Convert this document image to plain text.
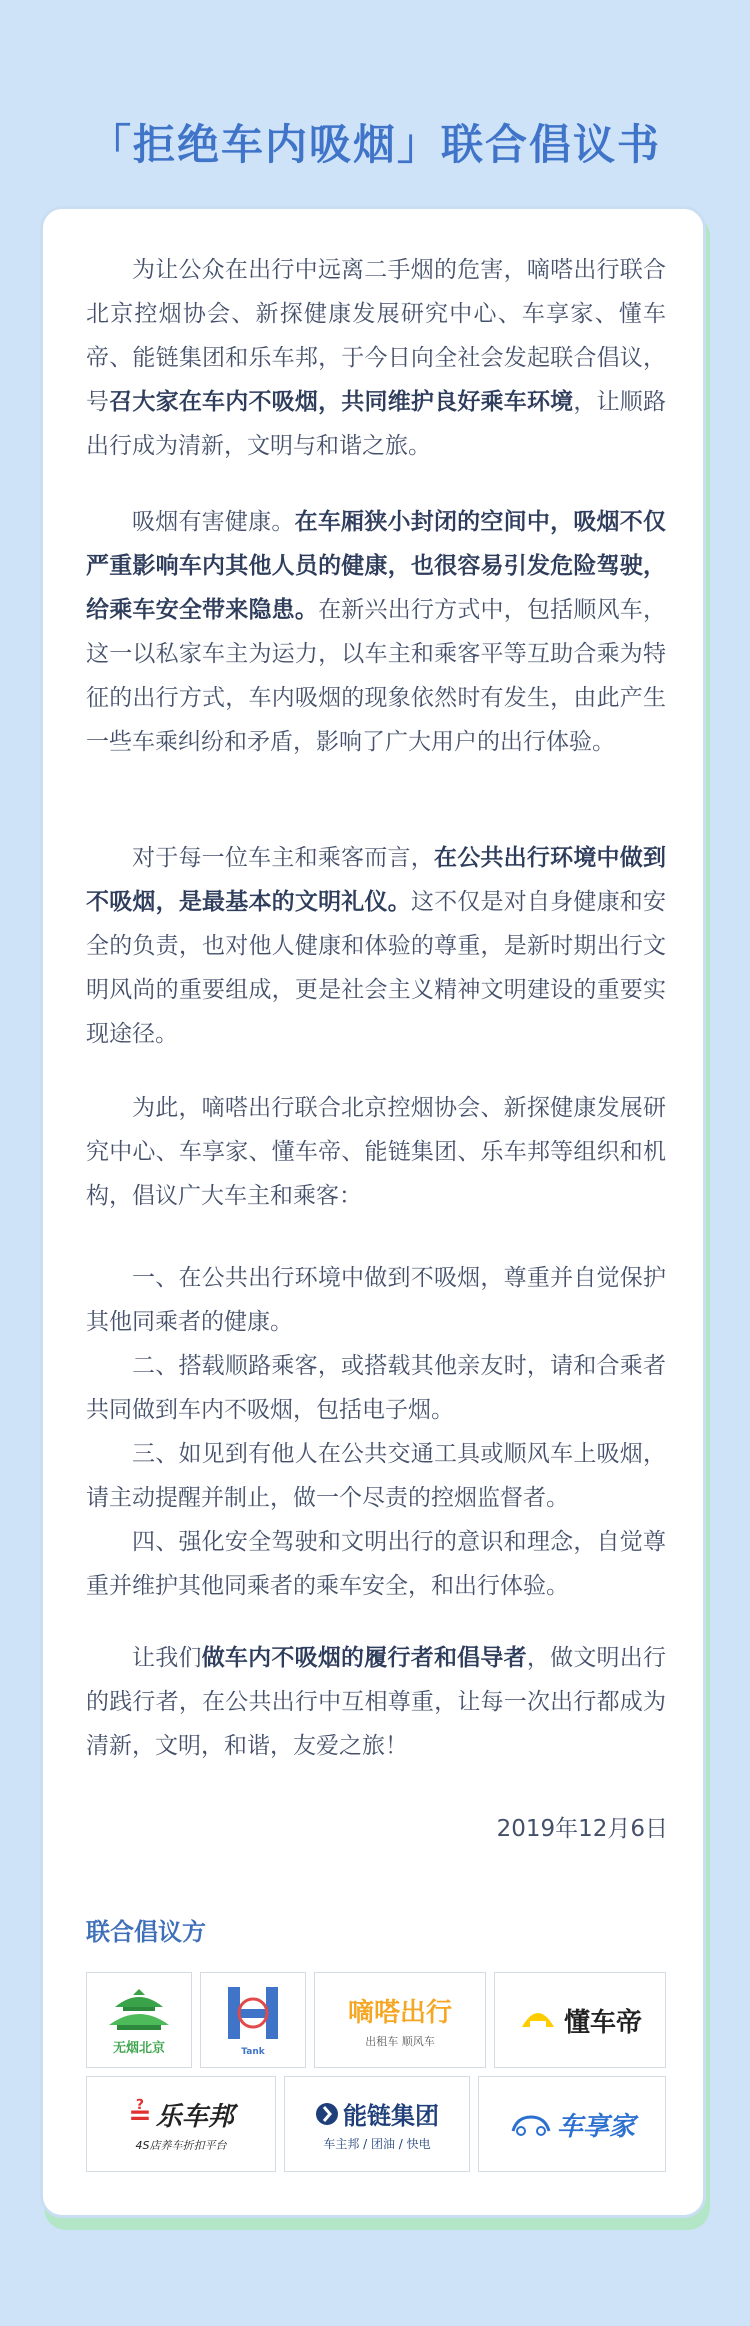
「拒绝车内吸烟」联合倡议书

为让公众在出行中远离二手烟的危害，嘀嗒出行联合北京控烟协会、新探健康发展研究中心、车享家、懂车帝、能链集团和乐车邦，于今日向全社会发起联合倡议，号召大家在车内不吸烟，共同维护良好乘车环境，让顺路出行成为清新，文明与和谐之旅。

吸烟有害健康。在车厢狭小封闭的空间中，吸烟不仅严重影响车内其他人员的健康，也很容易引发危险驾驶，给乘车安全带来隐患。在新兴出行方式中，包括顺风车，这一以私家车主为运力，以车主和乘客平等互助合乘为特征的出行方式，车内吸烟的现象依然时有发生，由此产生一些车乘纠纷和矛盾，影响了广大用户的出行体验。

对于每一位车主和乘客而言，在公共出行环境中做到不吸烟，是最基本的文明礼仪。这不仅是对自身健康和安全的负责，也对他人健康和体验的尊重，是新时期出行文明风尚的重要组成，更是社会主义精神文明建设的重要实现途径。

为此，嘀嗒出行联合北京控烟协会、新探健康发展研究中心、车享家、懂车帝、能链集团、乐车邦等组织和机构，倡议广大车主和乘客：

一、在公共出行环境中做到不吸烟，尊重并自觉保护其他同乘者的健康。

二、搭载顺路乘客，或搭载其他亲友时，请和合乘者共同做到车内不吸烟，包括电子烟。

三、如见到有他人在公共交通工具或顺风车上吸烟，请主动提醒并制止，做一个尽责的控烟监督者。

四、强化安全驾驶和文明出行的意识和理念，自觉尊重并维护其他同乘者的乘车安全，和出行体验。

让我们做车内不吸烟的履行者和倡导者，做文明出行的践行者，在公共出行中互相尊重，让每一次出行都成为清新，文明，和谐，友爱之旅！

2019年12月6日
联合倡议方
无烟北京	Tank
嘀嗒出行
出租车 顺风车
懂车帝
≟ 乐车邦
4S店养车折扣平台
能链集团
车主邦 / 团油 / 快电
车享家
